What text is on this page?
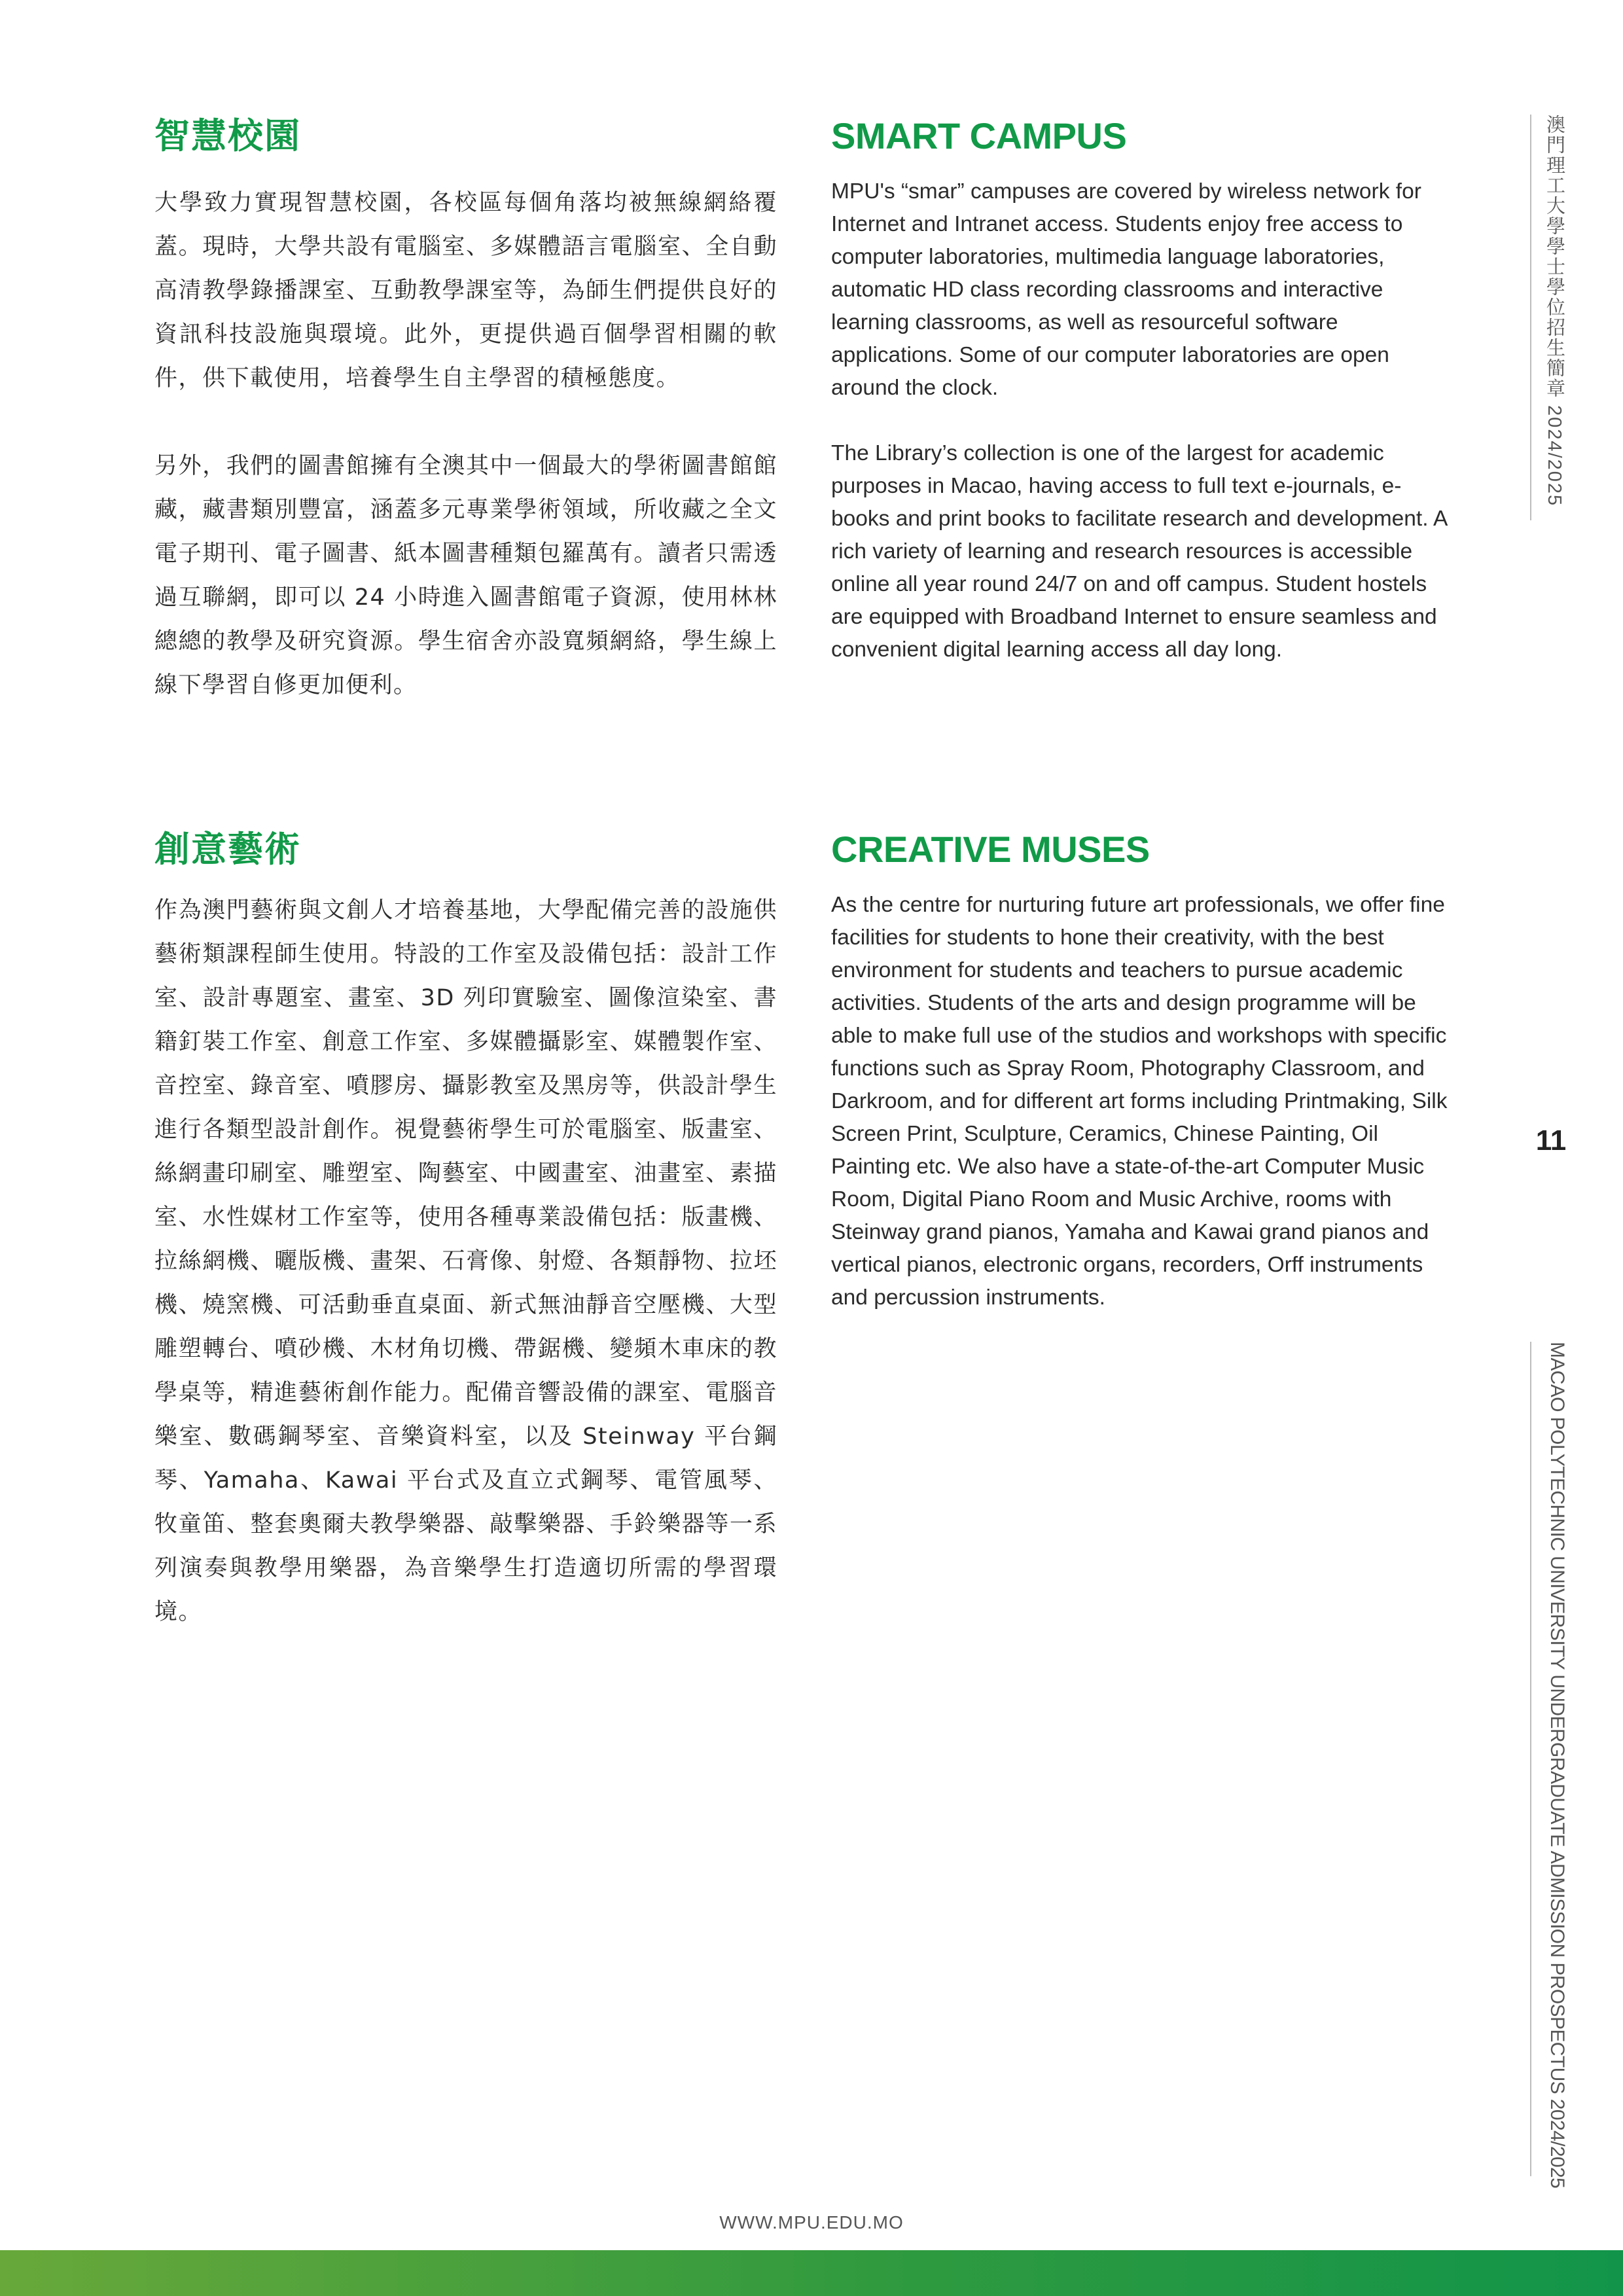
智慧校園

大學致力實現智慧校園，各校區每個角落均被無線網絡覆蓋。現時，大學共設有電腦室、多媒體語言電腦室、全自動高清教學錄播課室、互動教學課室等，為師生們提供良好的資訊科技設施與環境。此外，更提供過百個學習相關的軟件，供下載使用，培養學生自主學習的積極態度。

另外，我們的圖書館擁有全澳其中一個最大的學術圖書館館藏，藏書類別豐富，涵蓋多元專業學術領域，所收藏之全文電子期刊、電子圖書、紙本圖書種類包羅萬有。讀者只需透過互聯網，即可以 24 小時進入圖書館電子資源，使用林林總總的教學及研究資源。學生宿舍亦設寬頻網絡，學生線上線下學習自修更加便利。

SMART CAMPUS

MPU's “smar” campuses are covered by wireless network for Internet and Intranet access. Students enjoy free access to computer laboratories, multimedia language laboratories, automatic HD class recording classrooms and interactive learning classrooms, as well as resourceful software applications. Some of our computer laboratories are open around the clock.

The Library’s collection is one of the largest for academic purposes in Macao, having access to full text e-journals, e-books and print books to facilitate research and development. A rich variety of learning and research resources is accessible online all year round 24/7 on and off campus. Student hostels are equipped with Broadband Internet to ensure seamless and convenient digital learning access all day long.

創意藝術

作為澳門藝術與文創人才培養基地，大學配備完善的設施供藝術類課程師生使用。特設的工作室及設備包括：設計工作室、設計專題室、畫室、3D 列印實驗室、圖像渲染室、書籍釘裝工作室、創意工作室、多媒體攝影室、媒體製作室、音控室、錄音室、噴膠房、攝影教室及黑房等，供設計學生進行各類型設計創作。視覺藝術學生可於電腦室、版畫室、絲網畫印刷室、雕塑室、陶藝室、中國畫室、油畫室、素描室、水性媒材工作室等，使用各種專業設備包括：版畫機、拉絲網機、曬版機、畫架、石膏像、射燈、各類靜物、拉坯機、燒窯機、可活動垂直桌面、新式無油靜音空壓機、大型雕塑轉台、噴砂機、木材角切機、帶鋸機、變頻木車床的教學桌等，精進藝術創作能力。配備音響設備的課室、電腦音樂室、數碼鋼琴室、音樂資料室，以及 Steinway 平台鋼琴、Yamaha、Kawai 平台式及直立式鋼琴、電管風琴、牧童笛、整套奧爾夫教學樂器、敲擊樂器、手鈴樂器等一系列演奏與教學用樂器，為音樂學生打造適切所需的學習環境。

CREATIVE MUSES

As the centre for nurturing future art professionals, we offer fine facilities for students to hone their creativity, with the best environment for students and teachers to pursue academic activities. Students of the arts and design programme will be able to make full use of the studios and workshops with specific functions such as Spray Room, Photography Classroom, and Darkroom, and for different art forms including Printmaking, Silk Screen Print, Sculpture, Ceramics, Chinese Painting, Oil Painting etc. We also have a state-of-the-art Computer Music Room, Digital Piano Room and Music Archive, rooms with Steinway grand pianos, Yamaha and Kawai grand pianos and vertical pianos, electronic organs, recorders, Orff instruments and percussion instruments.

澳門理工大學學士學位招生簡章 2024/2025
11
MACAO POLYTECHNIC UNIVERSITY UNDERGRADUATE ADMISSION PROSPECTUS 2024/2025
WWW.MPU.EDU.MO
